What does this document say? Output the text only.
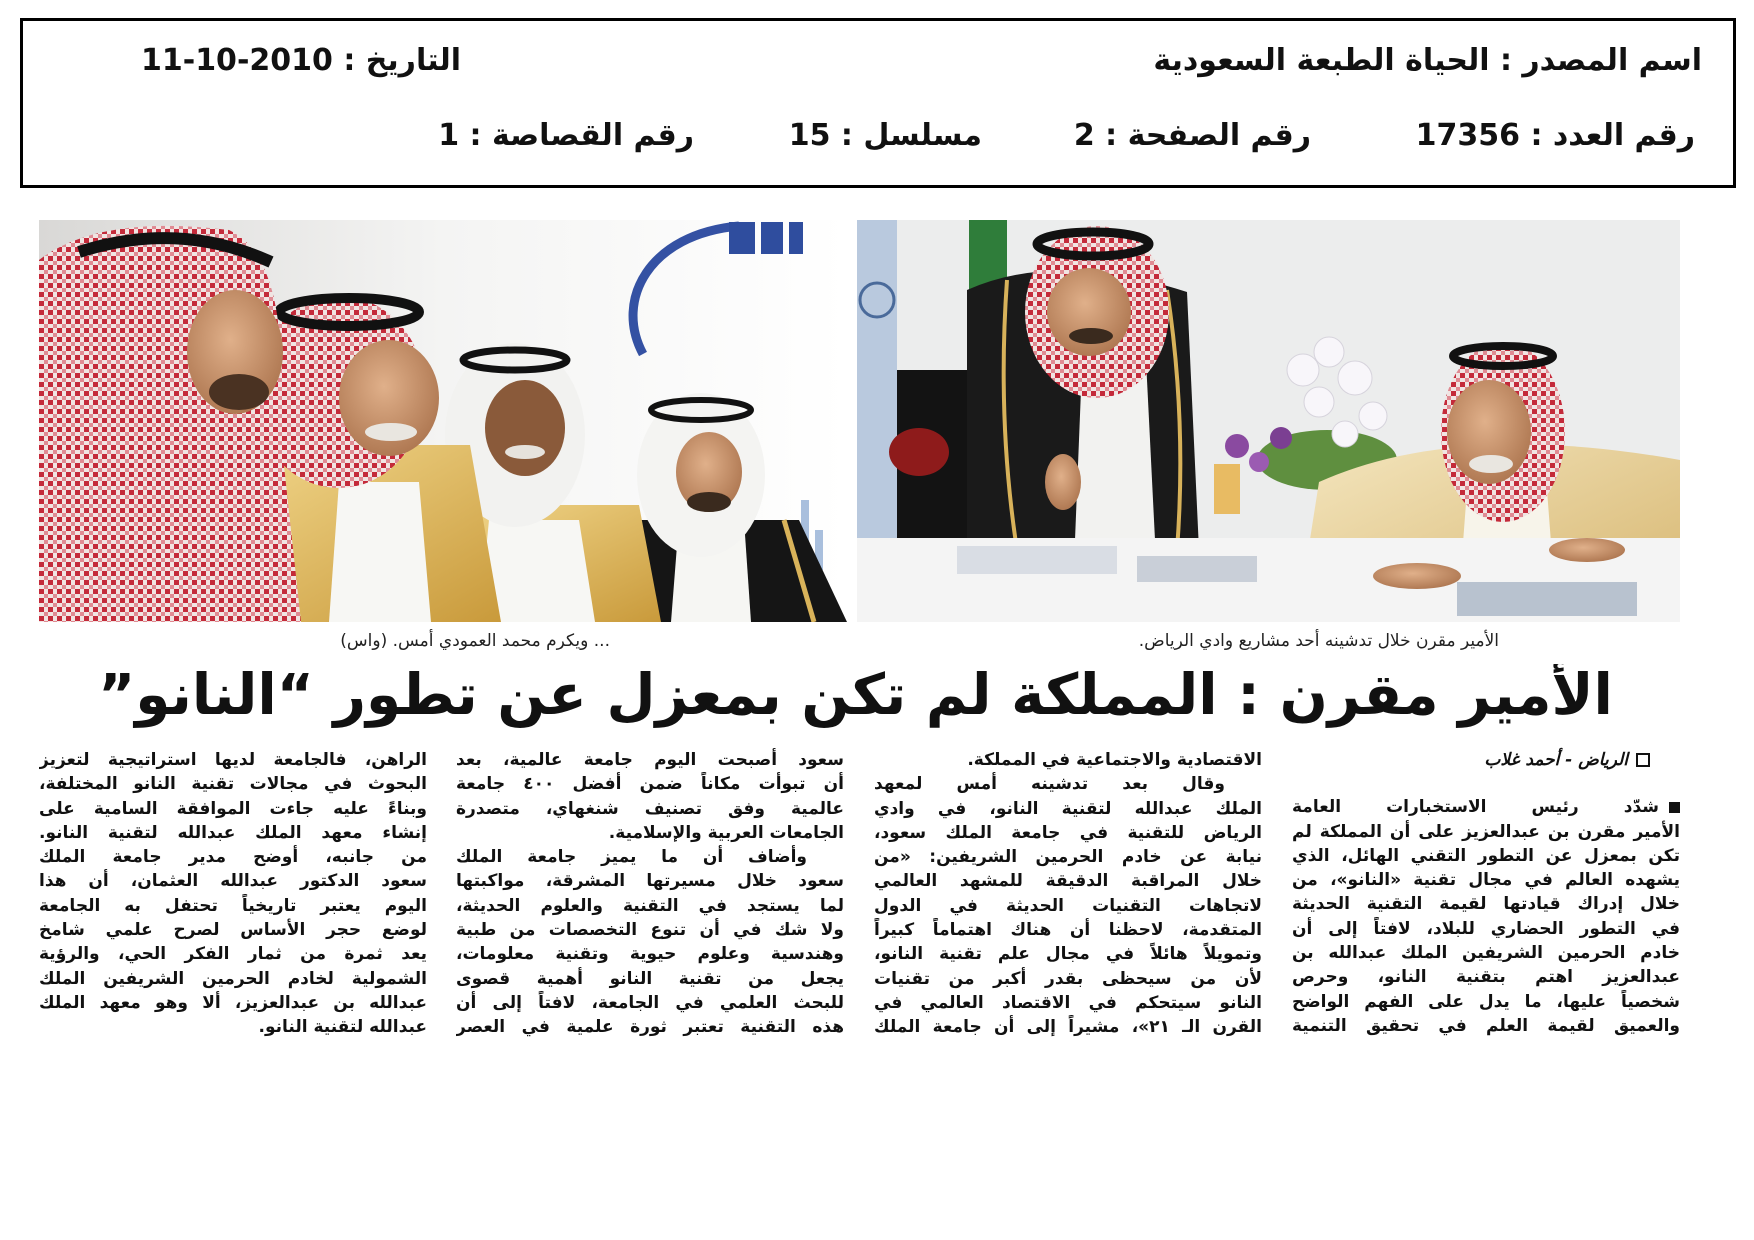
اسم المصدر : الحياة الطبعة السعودية
التاريخ : 2010-10-11
رقم العدد : 17356
رقم الصفحة : 2
مسلسل : 15
رقم القصاصة : 1
الأمير مقرن خلال تدشينه أحد مشاريع وادي الرياض.
... ويكرم محمد العمودي أمس. (واس)
الأمير مقرن : المملكة لم تكن بمعزل عن تطور “النانو”
الرياض - أحمد غلاب
شدّد رئيس الاستخبارات العامة
الأمير مقرن بن عبدالعزيز على أن المملكة لم
تكن بمعزل عن التطور التقني الهائل، الذي
يشهده العالم في مجال تقنية «النانو»، من
خلال إدراك قيادتها لقيمة التقنية الحديثة
في التطور الحضاري للبلاد، لافتاً إلى أن
خادم الحرمين الشريفين الملك عبدالله بن
عبدالعزيز اهتم بتقنية النانو، وحرص
شخصياً عليها، ما يدل على الفهم الواضح
والعميق لقيمة العلم في تحقيق التنمية
الاقتصادية والاجتماعية في المملكة.
وقال بعد تدشينه أمس لمعهد
الملك عبدالله لتقنية النانو، في وادي
الرياض للتقنية في جامعة الملك سعود،
نيابة عن خادم الحرمين الشريفين: «من
خلال المراقبة الدقيقة للمشهد العالمي
لاتجاهات التقنيات الحديثة في الدول
المتقدمة، لاحظنا أن هناك اهتماماً كبيراً
وتمويلاً هائلاً في مجال علم تقنية النانو،
لأن من سيحظى بقدر أكبر من تقنيات
النانو سيتحكم في الاقتصاد العالمي في
القرن الـ ٢١»، مشيراً إلى أن جامعة الملك
سعود أصبحت اليوم جامعة عالمية، بعد
أن تبوأت مكاناً ضمن أفضل ٤٠٠ جامعة
عالمية وفق تصنيف شنغهاي، متصدرة
الجامعات العربية والإسلامية.
وأضاف أن ما يميز جامعة الملك
سعود خلال مسيرتها المشرقة، مواكبتها
لما يستجد في التقنية والعلوم الحديثة،
ولا شك في أن تنوع التخصصات من طبية
وهندسية وعلوم حيوية وتقنية معلومات،
يجعل من تقنية النانو أهمية قصوى
للبحث العلمي في الجامعة، لافتاً إلى أن
هذه التقنية تعتبر ثورة علمية في العصر
الراهن، فالجامعة لديها استراتيجية لتعزيز
البحوث في مجالات تقنية النانو المختلفة،
وبناءً عليه جاءت الموافقة السامية على
إنشاء معهد الملك عبدالله لتقنية النانو.
من جانبه، أوضح مدير جامعة الملك
سعود الدكتور عبدالله العثمان، أن هذا
اليوم يعتبر تاريخياً تحتفل به الجامعة
لوضع حجر الأساس لصرح علمي شامخ
يعد ثمرة من ثمار الفكر الحي، والرؤية
الشمولية لخادم الحرمين الشريفين الملك
عبدالله بن عبدالعزيز، ألا وهو معهد الملك
عبدالله لتقنية النانو.
